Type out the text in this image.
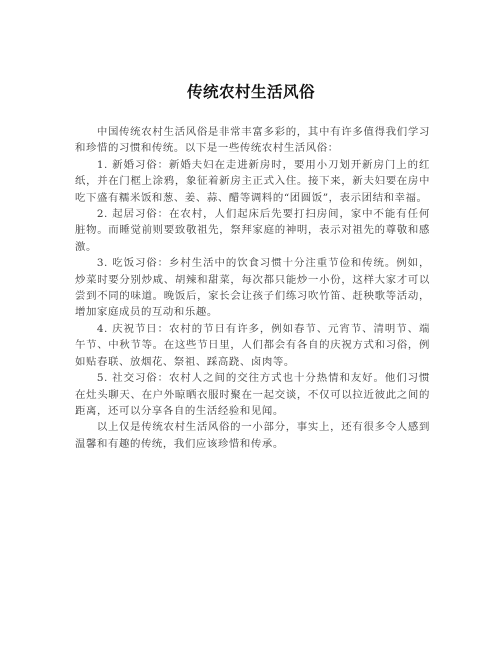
传统农村生活风俗

中国传统农村生活风俗是非常丰富多彩的，其中有许多值得我们学习和珍惜的习惯和传统。以下是一些传统农村生活风俗：

1. 新婚习俗：新婚夫妇在走进新房时，要用小刀划开新房门上的红纸，并在门框上涂鸦，象征着新房主正式入住。接下来，新夫妇要在房中吃下盛有糯米饭和葱、姜、蒜、醋等调料的“团圆饭”，表示团结和幸福。

2. 起居习俗：在农村，人们起床后先要打扫房间，家中不能有任何脏物。而睡觉前则要致敬祖先，祭拜家庭的神明，表示对祖先的尊敬和感激。

3. 吃饭习俗：乡村生活中的饮食习惯十分注重节俭和传统。例如，炒菜时要分别炒咸、胡辣和甜菜，每次都只能炒一小份，这样大家才可以尝到不同的味道。晚饭后，家长会让孩子们练习吹竹笛、赶秧歌等活动，增加家庭成员的互动和乐趣。

4. 庆祝节日：农村的节日有许多，例如春节、元宵节、清明节、端午节、中秋节等。在这些节日里，人们都会有各自的庆祝方式和习俗，例如贴春联、放烟花、祭祖、踩高跷、卤肉等。

5. 社交习俗：农村人之间的交往方式也十分热情和友好。他们习惯在灶头聊天、在户外晾晒衣服时聚在一起交谈，不仅可以拉近彼此之间的距离，还可以分享各自的生活经验和见闻。

以上仅是传统农村生活风俗的一小部分，事实上，还有很多令人感到温馨和有趣的传统，我们应该珍惜和传承。
